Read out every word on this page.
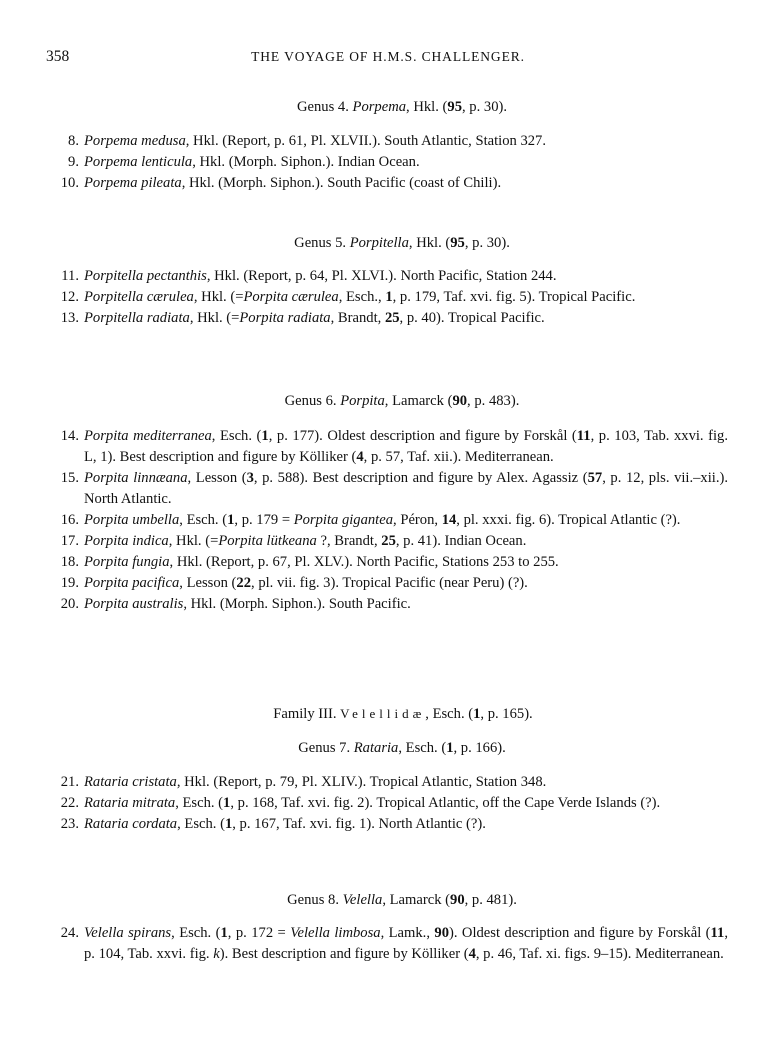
358	THE VOYAGE OF H.M.S. CHALLENGER.

Genus 4. Porpema, Hkl. (95, p. 30).

8. Porpema medusa, Hkl. (Report, p. 61, Pl. XLVII.). South Atlantic, Station 327.

9. Porpema lenticula, Hkl. (Morph. Siphon.). Indian Ocean.

10. Porpema pileata, Hkl. (Morph. Siphon.). South Pacific (coast of Chili).

Genus 5. Porpitella, Hkl. (95, p. 30).

11. Porpitella pectanthis, Hkl. (Report, p. 64, Pl. XLVI.). North Pacific, Station 244.

12. Porpitella cærulea, Hkl. (=Porpita cærulea, Esch., 1, p. 179, Taf. xvi. fig. 5). Tropical Pacific.

13. Porpitella radiata, Hkl. (=Porpita radiata, Brandt, 25, p. 40). Tropical Pacific.

Genus 6. Porpita, Lamarck (90, p. 483).

14. Porpita mediterranea, Esch. (1, p. 177). Oldest description and figure by Forskål (11, p. 103, Tab. xxvi. fig. L, 1). Best description and figure by Kölliker (4, p. 57, Taf. xii.). Mediterranean.

15. Porpita linnæana, Lesson (3, p. 588). Best description and figure by Alex. Agassiz (57, p. 12, pls. vii.–xii.). North Atlantic.

16. Porpita umbella, Esch. (1, p. 179 = Porpita gigantea, Péron, 14, pl. xxxi. fig. 6). Tropical Atlantic (?).

17. Porpita indica, Hkl. (=Porpita lütkeana ?, Brandt, 25, p. 41). Indian Ocean.

18. Porpita fungia, Hkl. (Report, p. 67, Pl. XLV.). North Pacific, Stations 253 to 255.

19. Porpita pacifica, Lesson (22, pl. vii. fig. 3). Tropical Pacific (near Peru) (?).

20. Porpita australis, Hkl. (Morph. Siphon.). South Pacific.

Family III. Velellidæ, Esch. (1, p. 165).

Genus 7. Rataria, Esch. (1, p. 166).

21. Rataria cristata, Hkl. (Report, p. 79, Pl. XLIV.). Tropical Atlantic, Station 348.

22. Rataria mitrata, Esch. (1, p. 168, Taf. xvi. fig. 2). Tropical Atlantic, off the Cape Verde Islands (?).

23. Rataria cordata, Esch. (1, p. 167, Taf. xvi. fig. 1). North Atlantic (?).

Genus 8. Velella, Lamarck (90, p. 481).

24. Velella spirans, Esch. (1, p. 172 = Velella limbosa, Lamk., 90). Oldest description and figure by Forskål (11, p. 104, Tab. xxvi. fig. k). Best description and figure by Kölliker (4, p. 46, Taf. xi. figs. 9–15). Mediterranean.
